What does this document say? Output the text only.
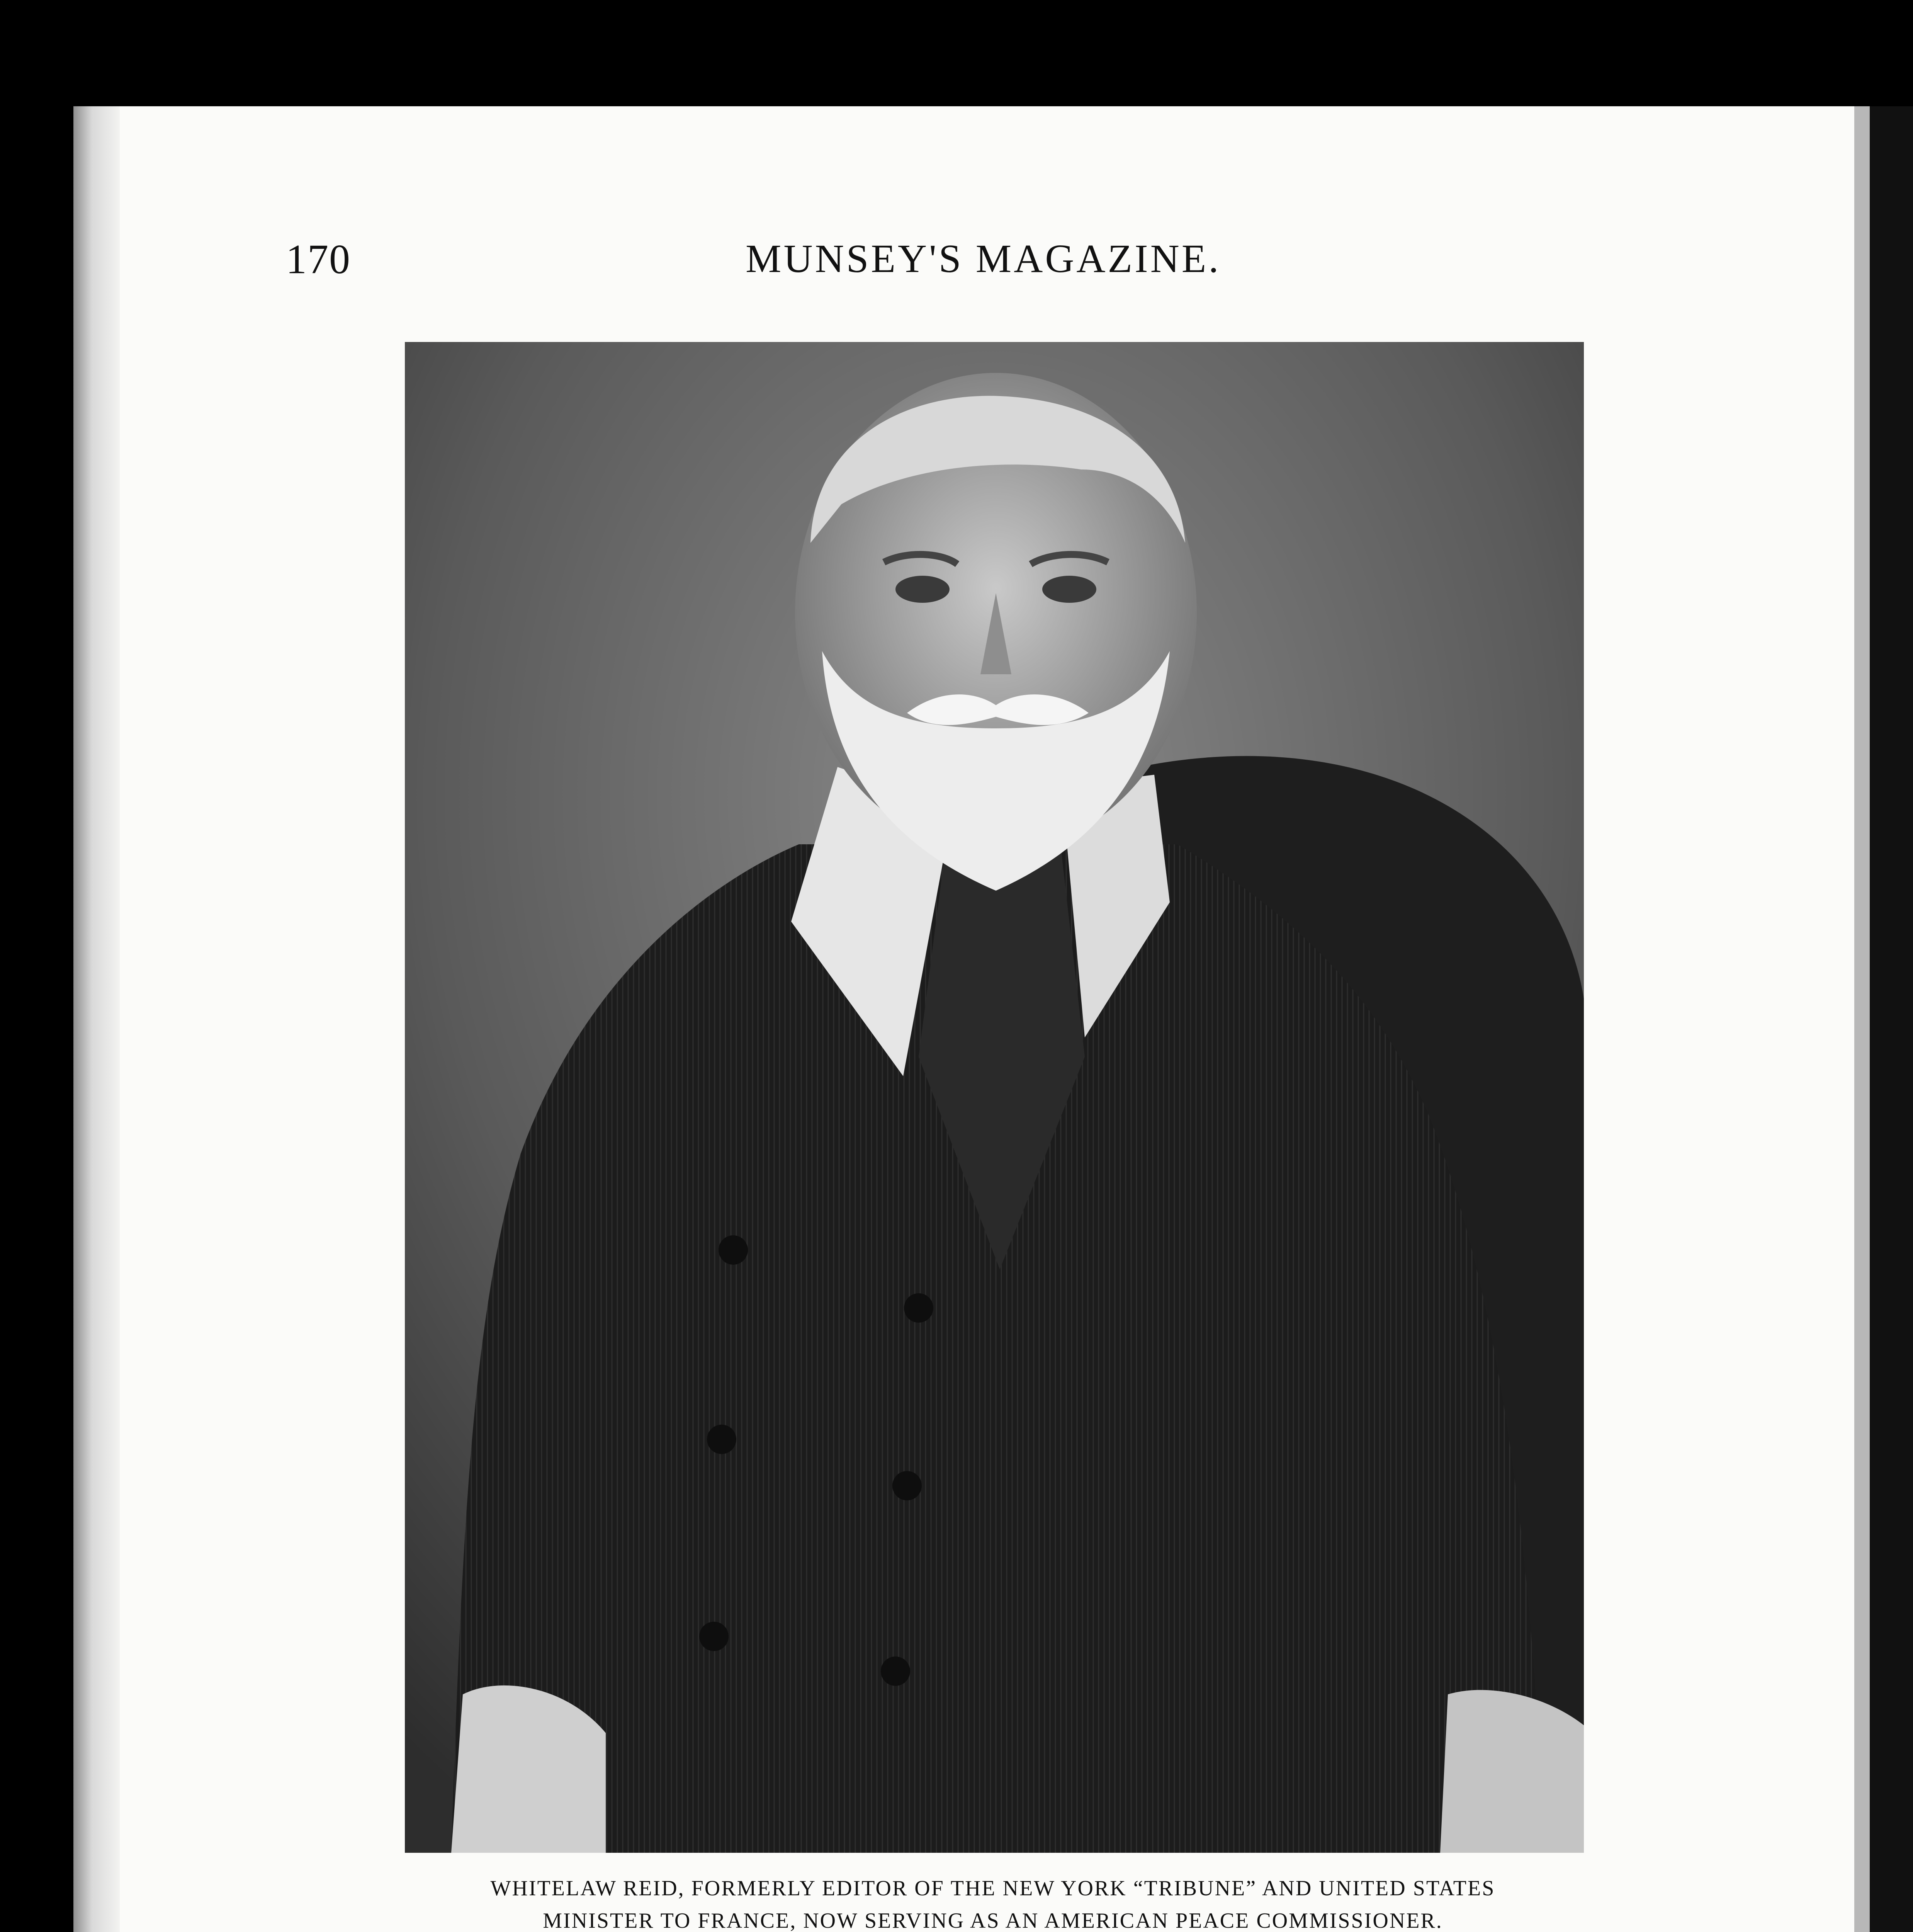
170	MUNSEY'S MAGAZINE.
WHITELAW REID, FORMERLY EDITOR OF THE NEW YORK “TRIBUNE” AND UNITED STATES
MINISTER TO FRANCE, NOW SERVING AS AN AMERICAN PEACE COMMISSIONER.
